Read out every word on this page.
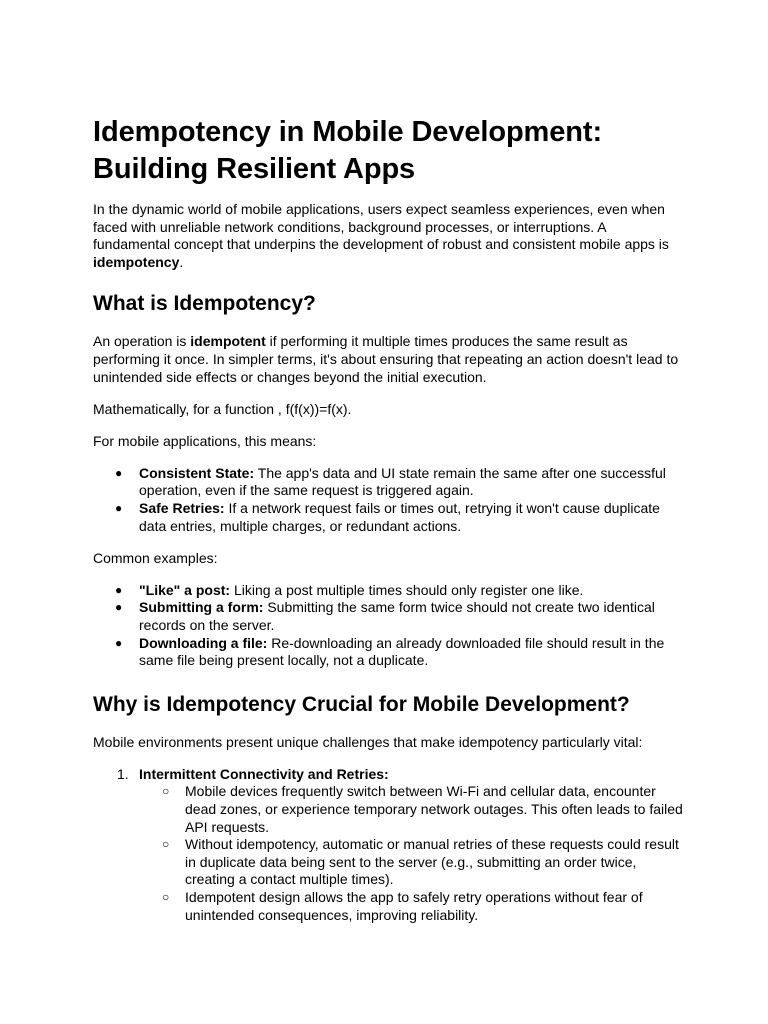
Idempotency in Mobile Development: Building Resilient Apps

In the dynamic world of mobile applications, users expect seamless experiences, even when faced with unreliable network conditions, background processes, or interruptions. A fundamental concept that underpins the development of robust and consistent mobile apps is idempotency.

What is Idempotency?

An operation is idempotent if performing it multiple times produces the same result as performing it once. In simpler terms, it's about ensuring that repeating an action doesn't lead to unintended side effects or changes beyond the initial execution.

Mathematically, for a function , f(f(x))=f(x).

For mobile applications, this means:

● Consistent State: The app's data and UI state remain the same after one successful operation, even if the same request is triggered again.
● Safe Retries: If a network request fails or times out, retrying it won't cause duplicate data entries, multiple charges, or redundant actions.

Common examples:

● "Like" a post: Liking a post multiple times should only register one like.
● Submitting a form: Submitting the same form twice should not create two identical records on the server.
● Downloading a file: Re-downloading an already downloaded file should result in the same file being present locally, not a duplicate.
Why is Idempotency Crucial for Mobile Development?

Mobile environments present unique challenges that make idempotency particularly vital:

1. Intermittent Connectivity and Retries:
○ Mobile devices frequently switch between Wi-Fi and cellular data, encounter dead zones, or experience temporary network outages. This often leads to failed API requests.
○ Without idempotency, automatic or manual retries of these requests could result in duplicate data being sent to the server (e.g., submitting an order twice, creating a contact multiple times).
○ Idempotent design allows the app to safely retry operations without fear of unintended consequences, improving reliability.
